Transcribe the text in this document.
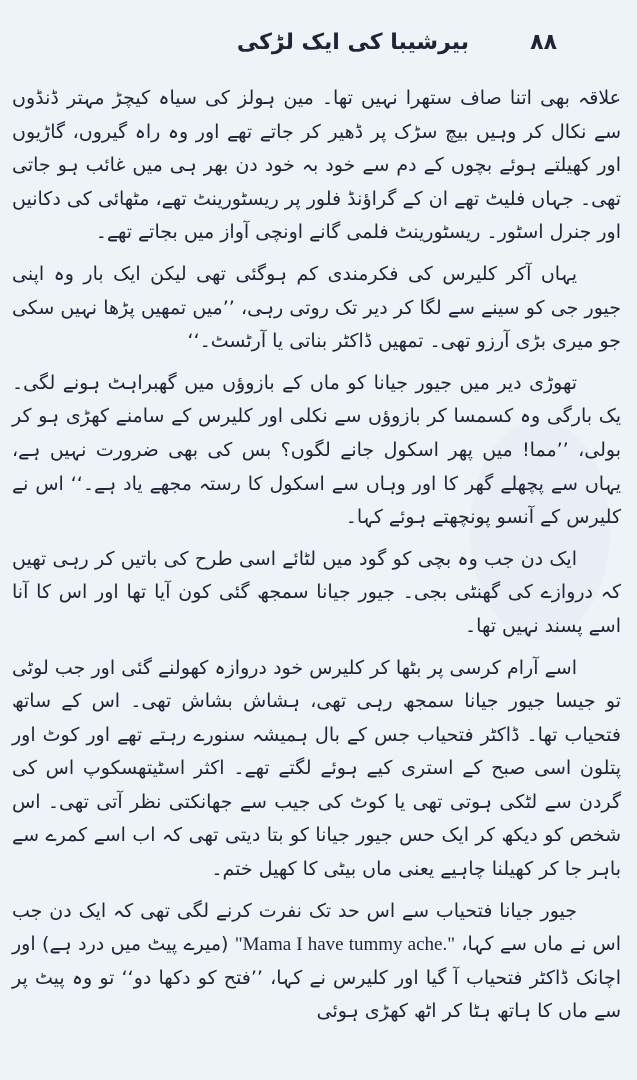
بیرشیبا کی ایک لڑکی	۸۸

علاقہ بھی اتنا صاف ستھرا نہیں تھا۔ مین ہولز کی سیاہ کیچڑ مہتر ڈنڈوں سے نکال کر وہیں بیچ سڑک پر ڈھیر کر جاتے تھے اور وہ راہ گیروں، گاڑیوں اور کھیلتے ہوئے بچوں کے دم سے خود بہ خود دن بھر ہی میں غائب ہو جاتی تھی۔ جہاں فلیٹ تھے ان کے گراؤنڈ فلور پر ریسٹورینٹ تھے، مٹھائی کی دکانیں اور جنرل اسٹور۔ ریسٹورینٹ فلمی گانے اونچی آواز میں بجاتے تھے۔

یہاں آکر کلیرس کی فکرمندی کم ہوگئی تھی لیکن ایک بار وہ اپنی جیور جی کو سینے سے لگا کر دیر تک روتی رہی، ’’میں تمھیں پڑھا نہیں سکی جو میری بڑی آرزو تھی۔ تمھیں ڈاکٹر بناتی یا آرٹسٹ۔‘‘

تھوڑی دیر میں جیور جیانا کو ماں کے بازوؤں میں گھبراہٹ ہونے لگی۔ یک بارگی وہ کسمسا کر بازوؤں سے نکلی اور کلیرس کے سامنے کھڑی ہو کر بولی، ’’مما! میں پھر اسکول جانے لگوں؟ بس کی بھی ضرورت نہیں ہے، یہاں سے پچھلے گھر کا اور وہاں سے اسکول کا رستہ مجھے یاد ہے۔‘‘ اس نے کلیرس کے آنسو پونچھتے ہوئے کہا۔

ایک دن جب وہ بچی کو گود میں لٹائے اسی طرح کی باتیں کر رہی تھیں کہ دروازے کی گھنٹی بجی۔ جیور جیانا سمجھ گئی کون آیا تھا اور اس کا آنا اسے پسند نہیں تھا۔

اسے آرام کرسی پر بٹھا کر کلیرس خود دروازہ کھولنے گئی اور جب لوٹی تو جیسا جیور جیانا سمجھ رہی تھی، ہشاش بشاش تھی۔ اس کے ساتھ فتحیاب تھا۔ ڈاکٹر فتحیاب جس کے بال ہمیشہ سنورے رہتے تھے اور کوٹ اور پتلون اسی صبح کے استری کیے ہوئے لگتے تھے۔ اکثر اسٹیتھسکوپ اس کی گردن سے لٹکی ہوتی تھی یا کوٹ کی جیب سے جھانکتی نظر آتی تھی۔ اس شخص کو دیکھ کر ایک حس جیور جیانا کو بتا دیتی تھی کہ اب اسے کمرے سے باہر جا کر کھیلنا چاہیے یعنی ماں بیٹی کا کھیل ختم۔

جیور جیانا فتحیاب سے اس حد تک نفرت کرنے لگی تھی کہ ایک دن جب اس نے ماں سے کہا، "Mama I have tummy ache." (میرے پیٹ میں درد ہے) اور اچانک ڈاکٹر فتحیاب آ گیا اور کلیرس نے کہا، ’’فتح کو دکھا دو‘‘ تو وہ پیٹ پر سے ماں کا ہاتھ ہٹا کر اٹھ کھڑی ہوئی
